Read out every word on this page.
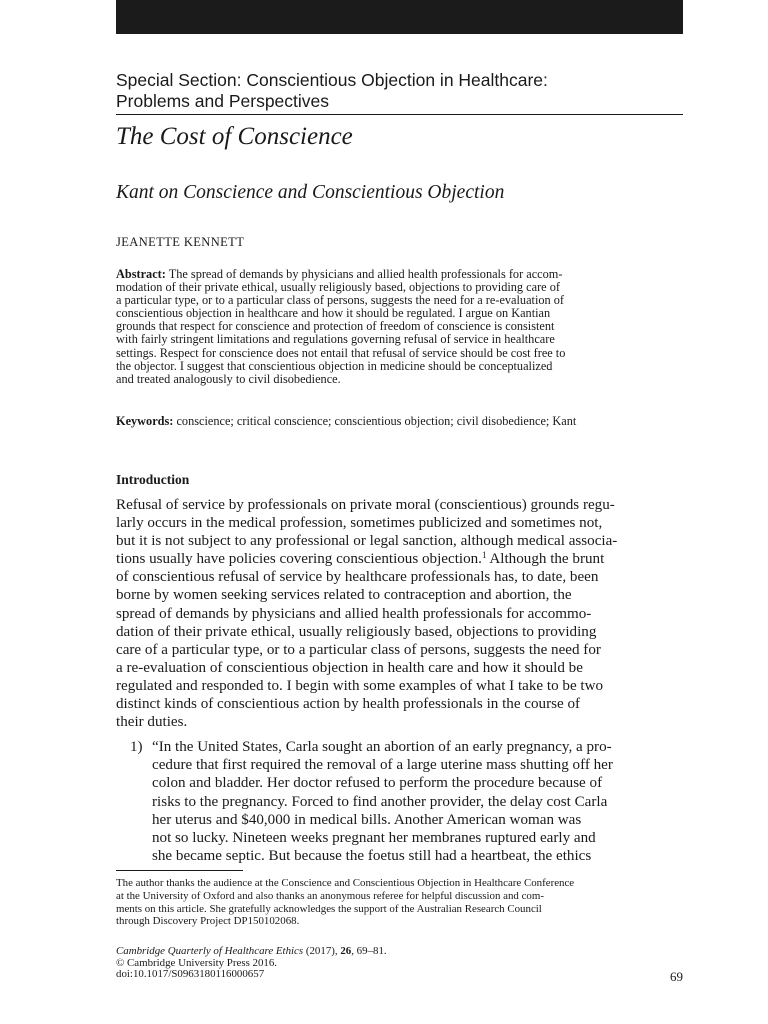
Special Section: Conscientious Objection in Healthcare:
Problems and Perspectives
The Cost of Conscience
Kant on Conscience and Conscientious Objection
JEANETTE KENNETT
Abstract: The spread of demands by physicians and allied health professionals for accom-
modation of their private ethical, usually religiously based, objections to providing care of
a particular type, or to a particular class of persons, suggests the need for a re-evaluation of
conscientious objection in healthcare and how it should be regulated. I argue on Kantian
grounds that respect for conscience and protection of freedom of conscience is consistent
with fairly stringent limitations and regulations governing refusal of service in healthcare
settings. Respect for conscience does not entail that refusal of service should be cost free to
the objector. I suggest that conscientious objection in medicine should be conceptualized
and treated analogously to civil disobedience.
Keywords: conscience; critical conscience; conscientious objection; civil disobedience; Kant
Introduction
Refusal of service by professionals on private moral (conscientious) grounds regu-
larly occurs in the medical profession, sometimes publicized and sometimes not,
but it is not subject to any professional or legal sanction, although medical associa-
tions usually have policies covering conscientious objection.$^1$ Although the brunt
of conscientious refusal of service by healthcare professionals has, to date, been
borne by women seeking services related to contraception and abortion, the
spread of demands by physicians and allied health professionals for accommo-
dation of their private ethical, usually religiously based, objections to providing
care of a particular type, or to a particular class of persons, suggests the need for
a re-evaluation of conscientious objection in health care and how it should be
regulated and responded to. I begin with some examples of what I take to be two
distinct kinds of conscientious action by health professionals in the course of
their duties.
1) “In the United States, Carla sought an abortion of an early pregnancy, a pro-
cedure that first required the removal of a large uterine mass shutting off her
colon and bladder. Her doctor refused to perform the procedure because of
risks to the pregnancy. Forced to find another provider, the delay cost Carla
her uterus and $40,000 in medical bills. Another American woman was
not so lucky. Nineteen weeks pregnant her membranes ruptured early and
she became septic. But because the foetus still had a heartbeat, the ethics
The author thanks the audience at the Conscience and Conscientious Objection in Healthcare Conference
at the University of Oxford and also thanks an anonymous referee for helpful discussion and com-
ments on this article. She gratefully acknowledges the support of the Australian Research Council
through Discovery Project DP150102068.
Cambridge Quarterly of Healthcare Ethics (2017), 26, 69–81.
© Cambridge University Press 2016.
doi:10.1017/S0963180116000657	69
